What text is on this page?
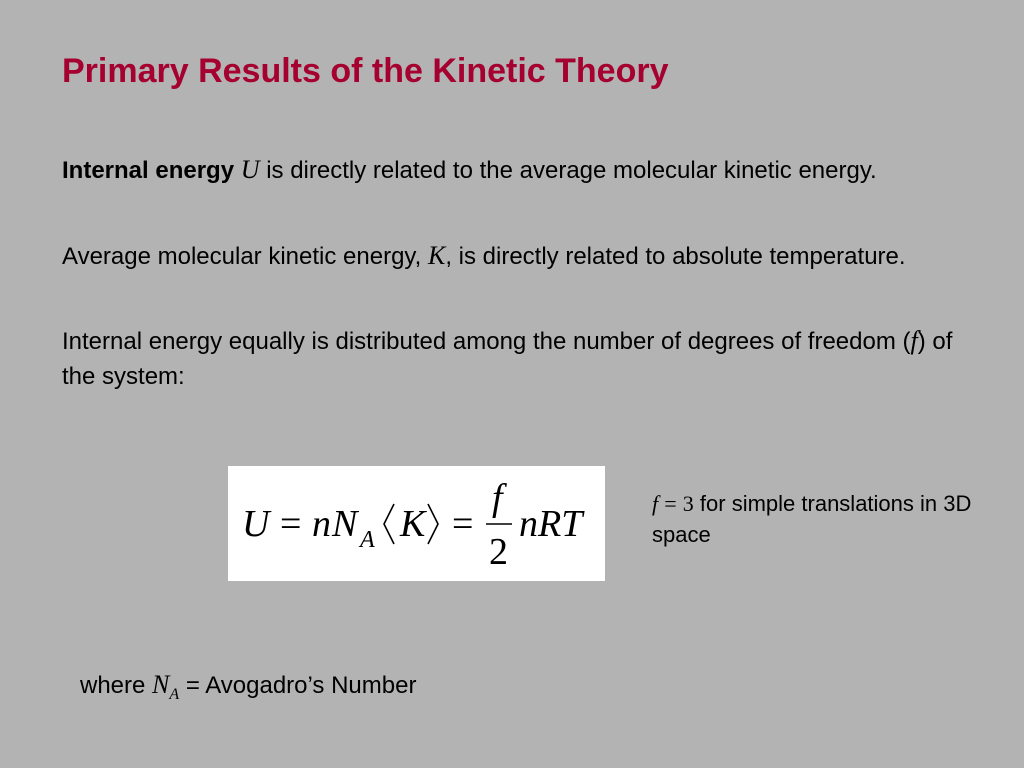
Primary Results of the Kinetic Theory

Internal energy U is directly related to the average molecular kinetic energy.

Average molecular kinetic energy, K, is directly related to absolute temperature.

Internal energy equally is distributed among the number of degrees of freedom (f) of the system:

U = n N A K =
f
2
nRT	f = 3 for simple translations in 3D space

where $N_A$ = Avogadro’s Number
